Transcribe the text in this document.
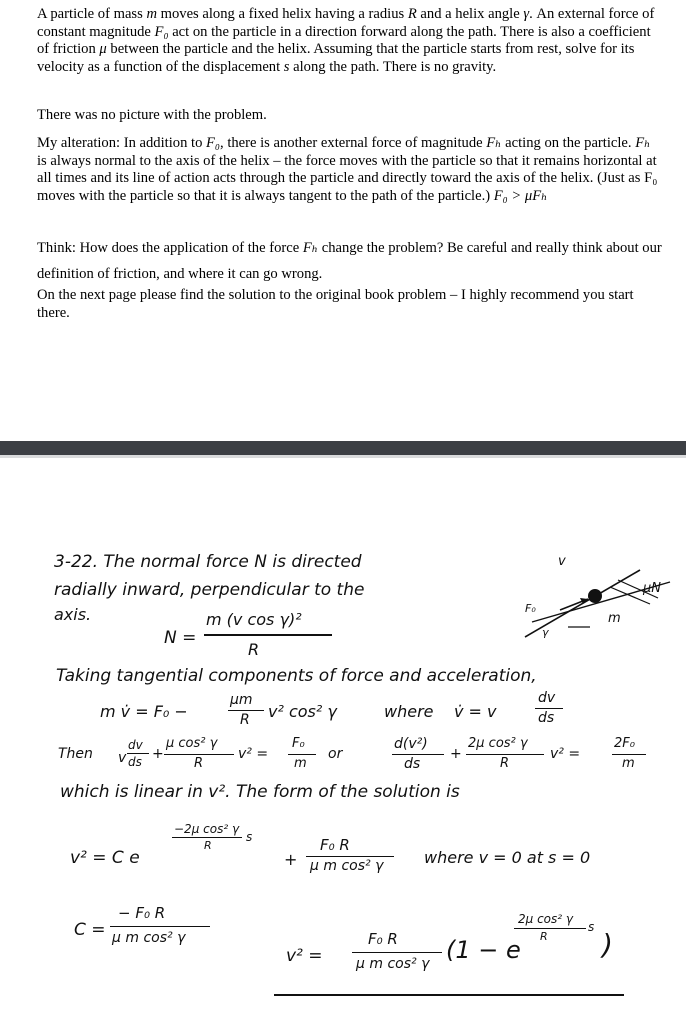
A particle of mass m moves along a fixed helix having a radius R and a helix angle γ. An external force of constant magnitude F₀ act on the particle in a direction forward along the path. There is also a coefficient of friction μ between the particle and the helix. Assuming that the particle starts from rest, solve for its velocity as a function of the displacement s along the path. There is no gravity.

There was no picture with the problem.

My alteration: In addition to F₀, there is another external force of magnitude Fₕ acting on the particle. Fₕ is always normal to the axis of the helix – the force moves with the particle so that it remains horizontal at all times and its line of action acts through the particle and directly toward the axis of the helix. (Just as F₀ moves with the particle so that it is always tangent to the path of the particle.) F₀ > μFₕ

Think: How does the application of the force Fₕ change the problem? Be careful and really think about our definition of friction, and where it can go wrong.

On the next page please find the solution to the original book problem – I highly recommend you start there.

3-22. The normal force N is directed
radially inward, perpendicular to the
axis.
N =
m (v cos γ)²
R
v
F₀
μN
m
γ
Taking tangential components of force and acceleration,
m v̇ = F₀ −
μm
R v² cos² γ	where v̇ = v
dv
ds
Then v
dv
ds +
μ cos² γ
R
v² =
F₀
m
or
d(v²)
ds
+
2μ cos² γ
R
v² =
2F₀
m
which is linear in v². The form of the solution is
v² = C e
−2μ cos² γ
R
s
+
F₀ R
μ m cos² γ	where v = 0 at s = 0
C =
− F₀ R
μ m cos² γ
v² =
F₀ R
μ m cos² γ (1 − e
2μ cos² γ
R
s
)
